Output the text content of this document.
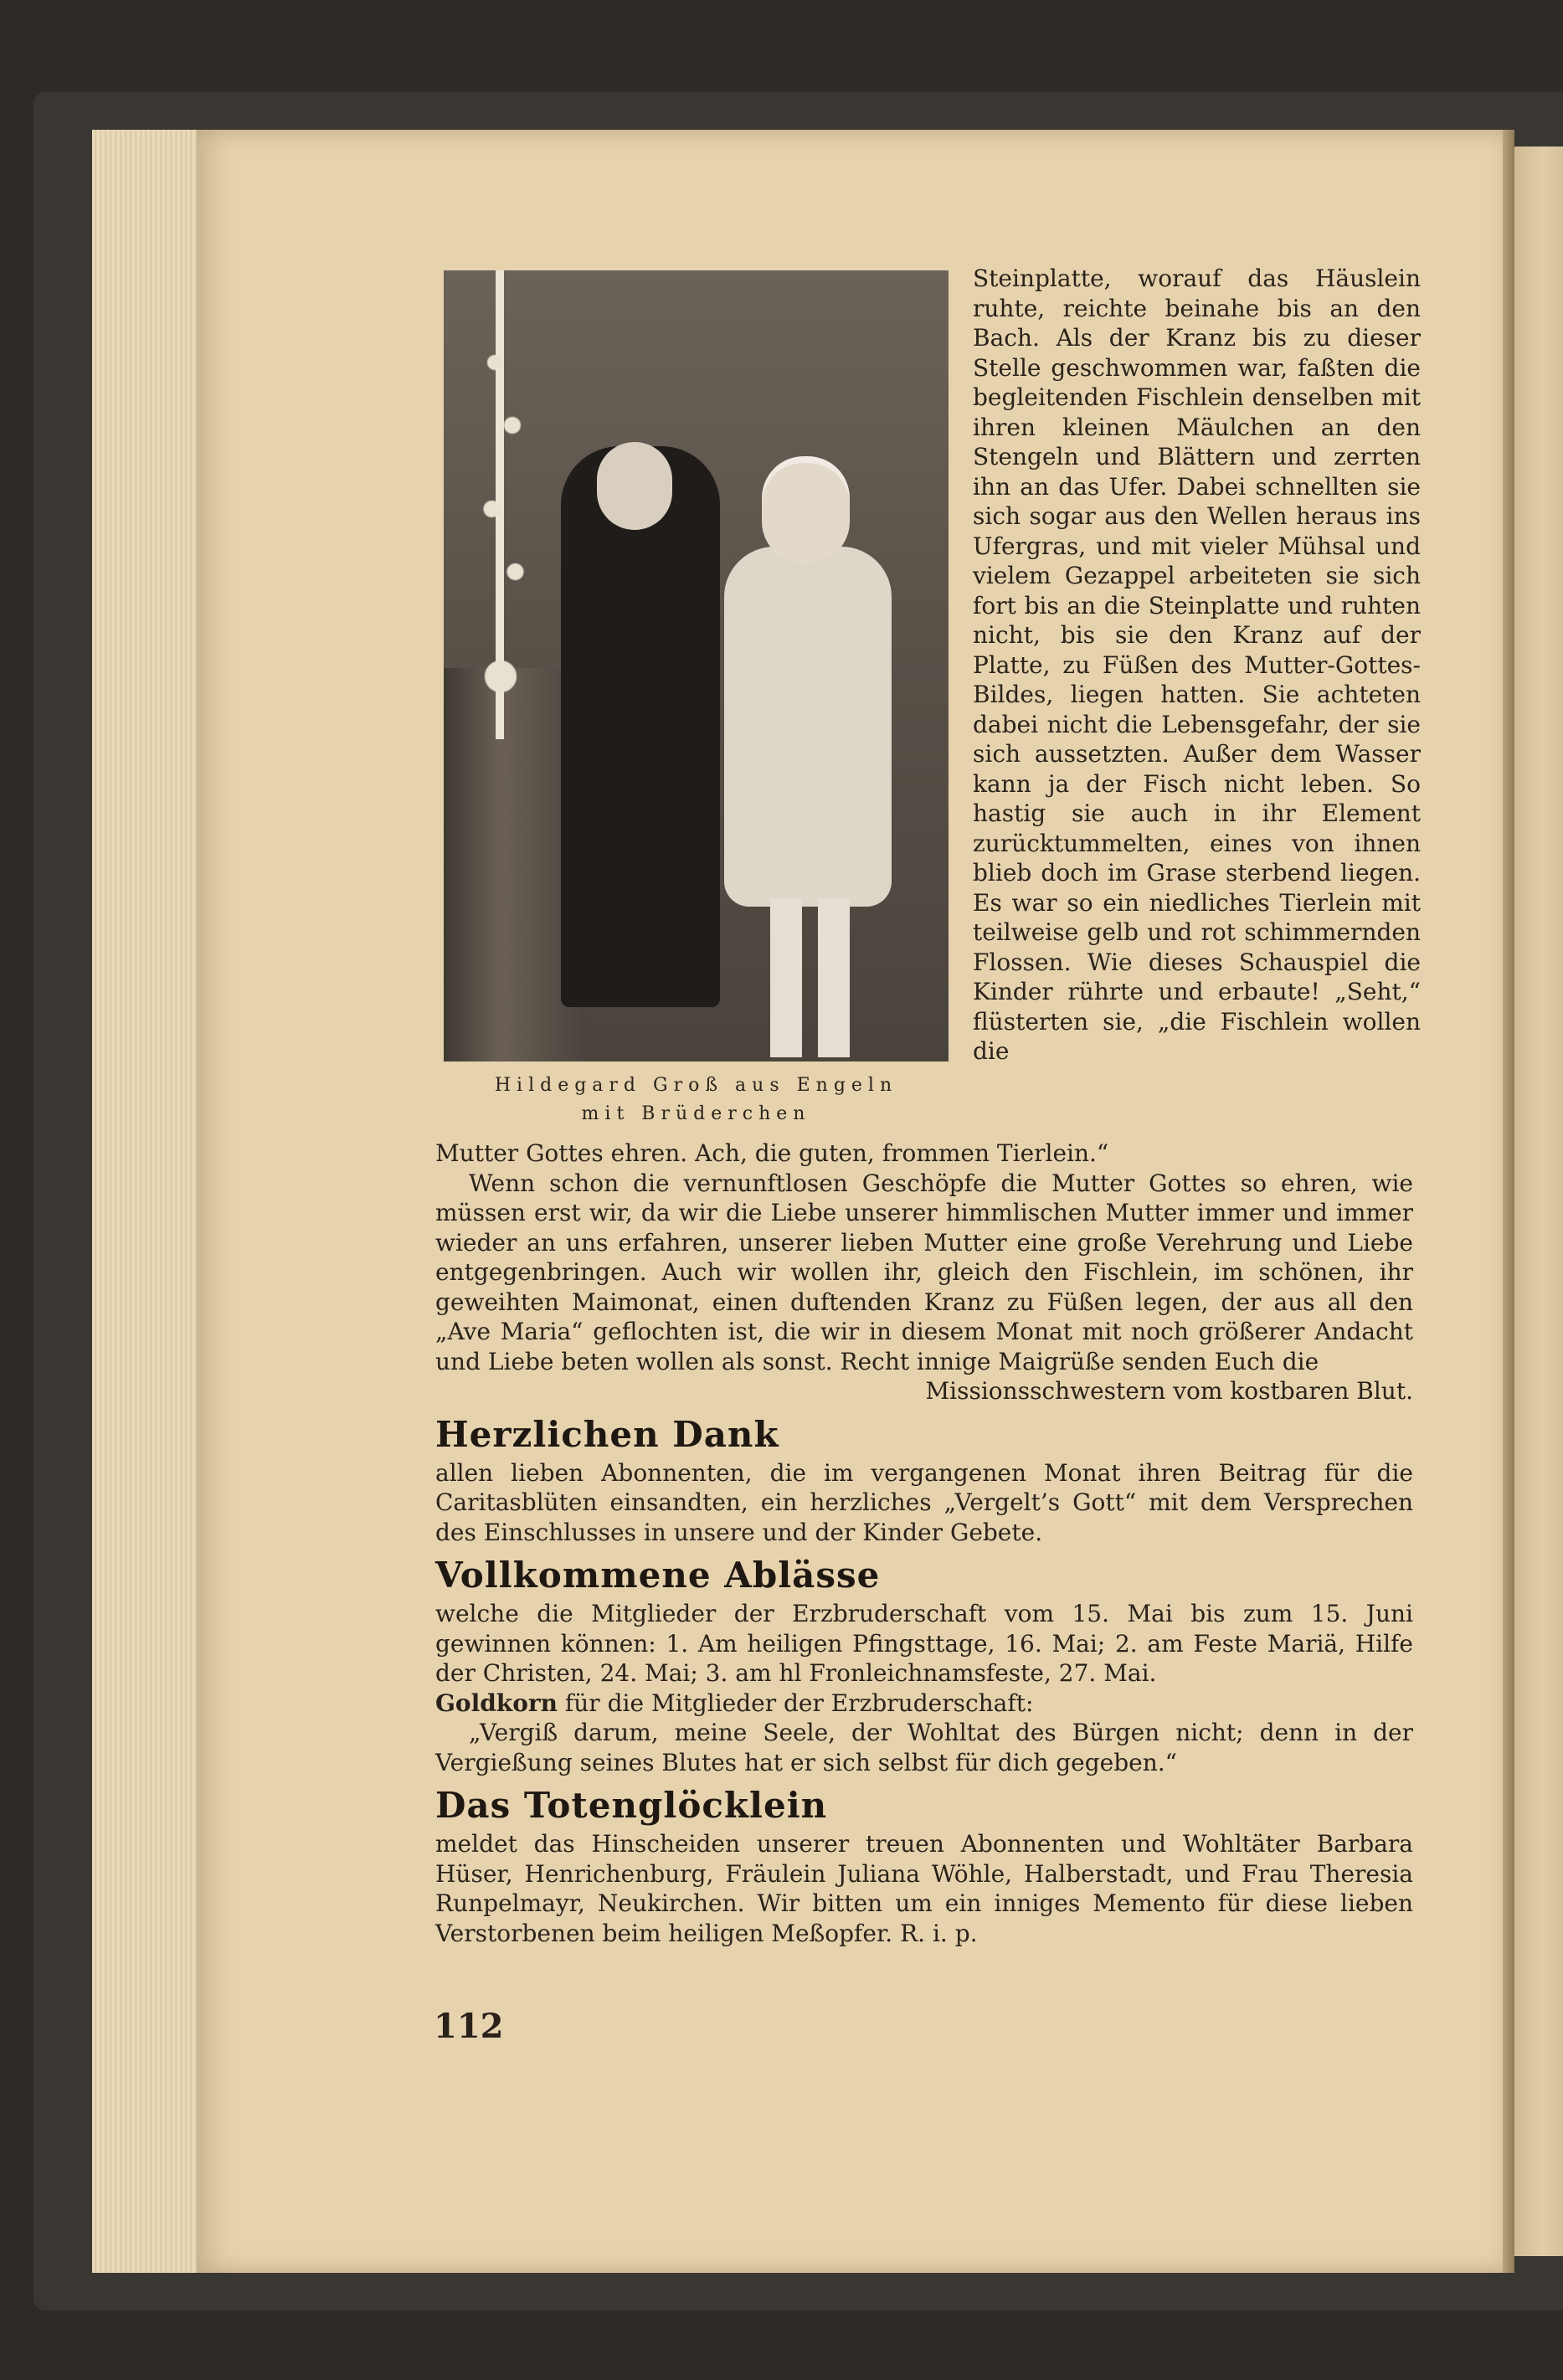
Hildegard Groß aus Engeln
mit Brüderchen

Steinplatte, worauf das Häuslein ruhte, reichte beinahe bis an den Bach. Als der Kranz bis zu dieser Stelle geschwommen war, faßten die begleitenden Fischlein denselben mit ihren kleinen Mäulchen an den Stengeln und Blättern und zerrten ihn an das Ufer. Dabei schnellten sie sich sogar aus den Wellen heraus ins Ufergras, und mit vieler Mühsal und vielem Gezappel arbeiteten sie sich fort bis an die Steinplatte und ruhten nicht, bis sie den Kranz auf der Platte, zu Füßen des Mutter-Gottes-Bildes, liegen hatten. Sie achteten dabei nicht die Lebensgefahr, der sie sich aussetzten. Außer dem Wasser kann ja der Fisch nicht leben. So hastig sie auch in ihr Element zurücktummelten, eines von ihnen blieb doch im Grase sterbend liegen. Es war so ein niedliches Tierlein mit teilweise gelb und rot schimmernden Flossen. Wie dieses Schauspiel die Kinder rührte und erbaute! „Seht,“ flüsterten sie, „die Fischlein wollen die

Mutter Gottes ehren. Ach, die guten, frommen Tierlein.“

Wenn schon die vernunftlosen Geschöpfe die Mutter Gottes so ehren, wie müssen erst wir, da wir die Liebe unserer himmlischen Mutter immer und immer wieder an uns erfahren, unserer lieben Mutter eine große Verehrung und Liebe entgegenbringen. Auch wir wollen ihr, gleich den Fischlein, im schönen, ihr geweihten Maimonat, einen duftenden Kranz zu Füßen legen, der aus all den „Ave Maria“ geflochten ist, die wir in diesem Monat mit noch größerer Andacht und Liebe beten wollen als sonst. Recht innige Maigrüße senden Euch die

Missionsschwestern vom kostbaren Blut.

Herzlichen Dank

allen lieben Abonnenten, die im vergangenen Monat ihren Beitrag für die Caritasblüten einsandten, ein herzliches „Vergelt’s Gott“ mit dem Versprechen des Einschlusses in unsere und der Kinder Gebete.

Vollkommene Ablässe

welche die Mitglieder der Erzbruderschaft vom 15. Mai bis zum 15. Juni gewinnen können: 1. Am heiligen Pfingsttage, 16. Mai; 2. am Feste Mariä, Hilfe der Christen, 24. Mai; 3. am hl Fronleichnamsfeste, 27. Mai.

Goldkorn für die Mitglieder der Erzbruderschaft:

„Vergiß darum, meine Seele, der Wohltat des Bürgen nicht; denn in der Vergießung seines Blutes hat er sich selbst für dich gegeben.“

Das Totenglöcklein

meldet das Hinscheiden unserer treuen Abonnenten und Wohltäter Barbara Hüser, Henrichenburg, Fräulein Juliana Wöhle, Halberstadt, und Frau Theresia Runpelmayr, Neukirchen. Wir bitten um ein inniges Memento für diese lieben Verstorbenen beim heiligen Meßopfer. R. i. p.

112
